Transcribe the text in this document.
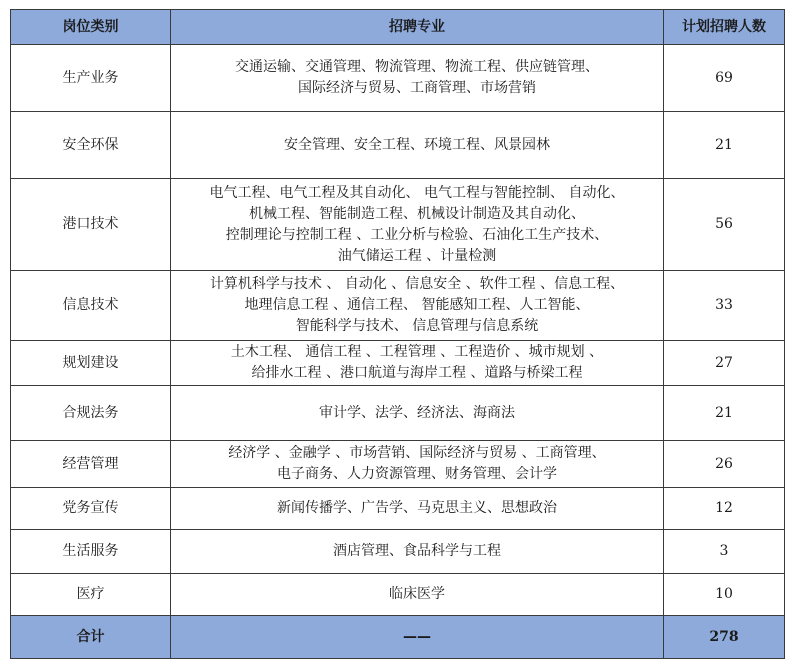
岗位类别	招聘专业	计划招聘人数
生产业务	交通运输、交通管理、物流管理、物流工程、供应链管理、
国际经济与贸易、工商管理、市场营销	69
安全环保	安全管理、安全工程、环境工程、风景园林	21
港口技术	电气工程、电气工程及其自动化、 电气工程与智能控制、 自动化、
机械工程、智能制造工程、机械设计制造及其自动化、
控制理论与控制工程 、工业分析与检验、石油化工生产技术、
油气储运工程 、计量检测	56
信息技术	计算机科学与技术 、 自动化 、信息安全 、软件工程 、信息工程、
地理信息工程 、通信工程、 智能感知工程、人工智能、
智能科学与技术、 信息管理与信息系统	33
规划建设	土木工程、 通信工程 、工程管理 、工程造价 、城市规划 、
给排水工程 、港口航道与海岸工程 、道路与桥梁工程	27
合规法务	审计学、法学、经济法、海商法	21
经营管理	经济学 、金融学 、市场营销、国际经济与贸易 、工商管理、
电子商务、人力资源管理、财务管理、会计学	26
党务宣传	新闻传播学、广告学、马克思主义、思想政治	12
生活服务	酒店管理、食品科学与工程	3
医疗	临床医学	10
合计	——	278
